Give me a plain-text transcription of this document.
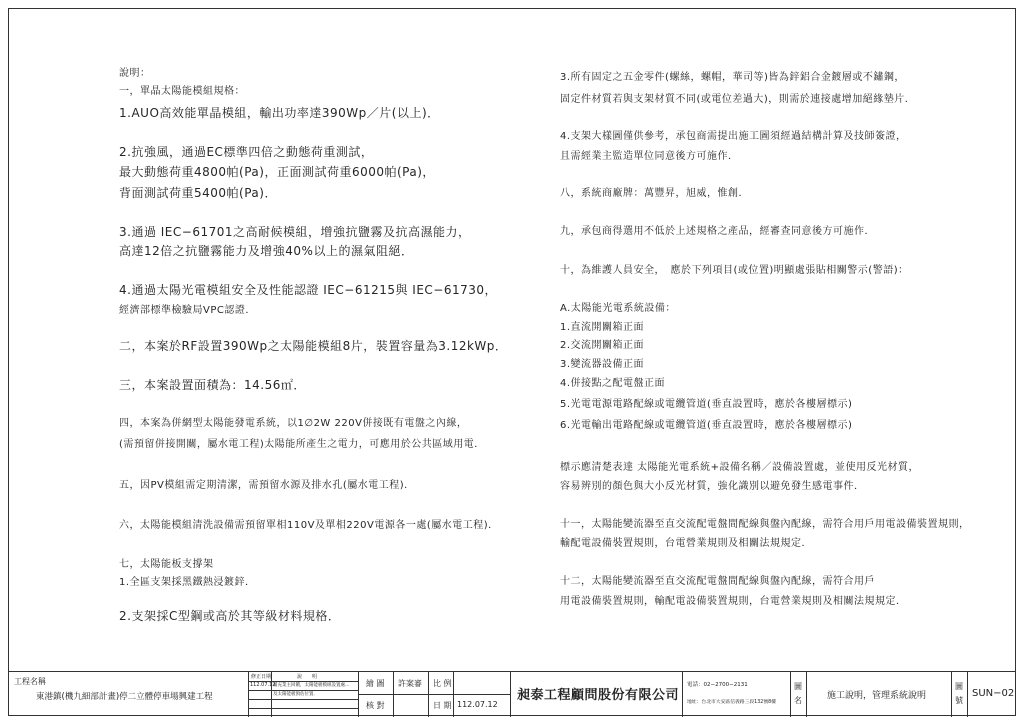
說明：
一，單晶太陽能模組規格：
1.AUO高效能單晶模組，輸出功率達390Wp／片(以上)．
2.抗強風，通過EC標準四倍之動態荷重測試，
最大動態荷重4800帕(Pa)，正面測試荷重6000帕(Pa)，
背面測試荷重5400帕(Pa)．
3.通過 IEC−61701之高耐候模組，增強抗鹽霧及抗高濕能力，
高達12倍之抗鹽霧能力及增強40%以上的濕氣阻絕．
4.通過太陽光電模組安全及性能認證 IEC−61215與 IEC−61730，
經濟部標準檢驗局VPC認證．
二，本案於RF設置390Wp之太陽能模組8片，裝置容量為3.12kWp．
三，本案設置面積為：14.56㎡．
四，本案為併網型太陽能發電系統，以1∅2W 220V併接既有電盤之內線，
(需預留併接開關，屬水電工程)太陽能所產生之電力，可應用於公共區域用電．
五，因PV模組需定期清潔，需預留水源及排水孔(屬水電工程)．
六，太陽能模組清洗設備需預留單相110V及單相220V電源各一處(屬水電工程)．
七，太陽能板支撐架
1.全區支架採黑鐵熱浸鍍鋅．
2.支架採C型鋼或高於其等級材料規格．
3.所有固定之五金零件(螺絲，螺帽，華司等)皆為鋅鋁合金鍍層或不鏽鋼，
固定件材質若與支架材質不同(或電位差過大)，則需於連接處增加絕緣墊片．
4.支架大樣圖僅供參考，承包商需提出施工圖須經過結構計算及技師簽證，
且需經業主監造單位同意後方可施作．
八，系統商廠牌：萬豐昇，旭威，惟創．
九，承包商得選用不低於上述規格之產品，經審查同意後方可施作．
十，為維護人員安全，　應於下列項目(或位置)明顯處張貼相關警示(警語)：
A.太陽能光電系統設備：
1.直流開關箱正面
2.交流開關箱正面
3.變流器設備正面
4.併接點之配電盤正面
5.光電電源電路配線或電纜管道(垂直設置時，應於各樓層標示)
6.光電輸出電路配線或電纜管道(垂直設置時，應於各樓層標示)
標示應清楚表達 太陽能光電系統+設備名稱／設備設置處，並使用反光材質，
容易辨別的顏色與大小反光材質，強化識別以避免發生感電事件．
十一，太陽能變流器至直交流配電盤間配線與盤內配線，需符合用戶用電設備裝置規則，
輸配電設備裝置規則，台電營業規則及相關法規規定．
十二，太陽能變流器至直交流配電盤間配線與盤內配線，需符合用戶
用電設備裝置規則，輸配電設備裝置規則，台電營業規則及相關法規規定．
工程名稱
東港鎮(機九細部計畫)停二立體停車場興建工程
修正日期	說　　明
112.07.12
補充業主回饋，太陽能板模組設置處...
及太陽能板預估位置．
繪 圖
核 對
許案審 比 例
日 期 112.07.12
昶泰工程顧問股份有限公司
電話：02−2700−2131
地址：台北市大安區信義路三段132號8樓
圖名	施工說明，管理系統說明
圖號
SUN−02
